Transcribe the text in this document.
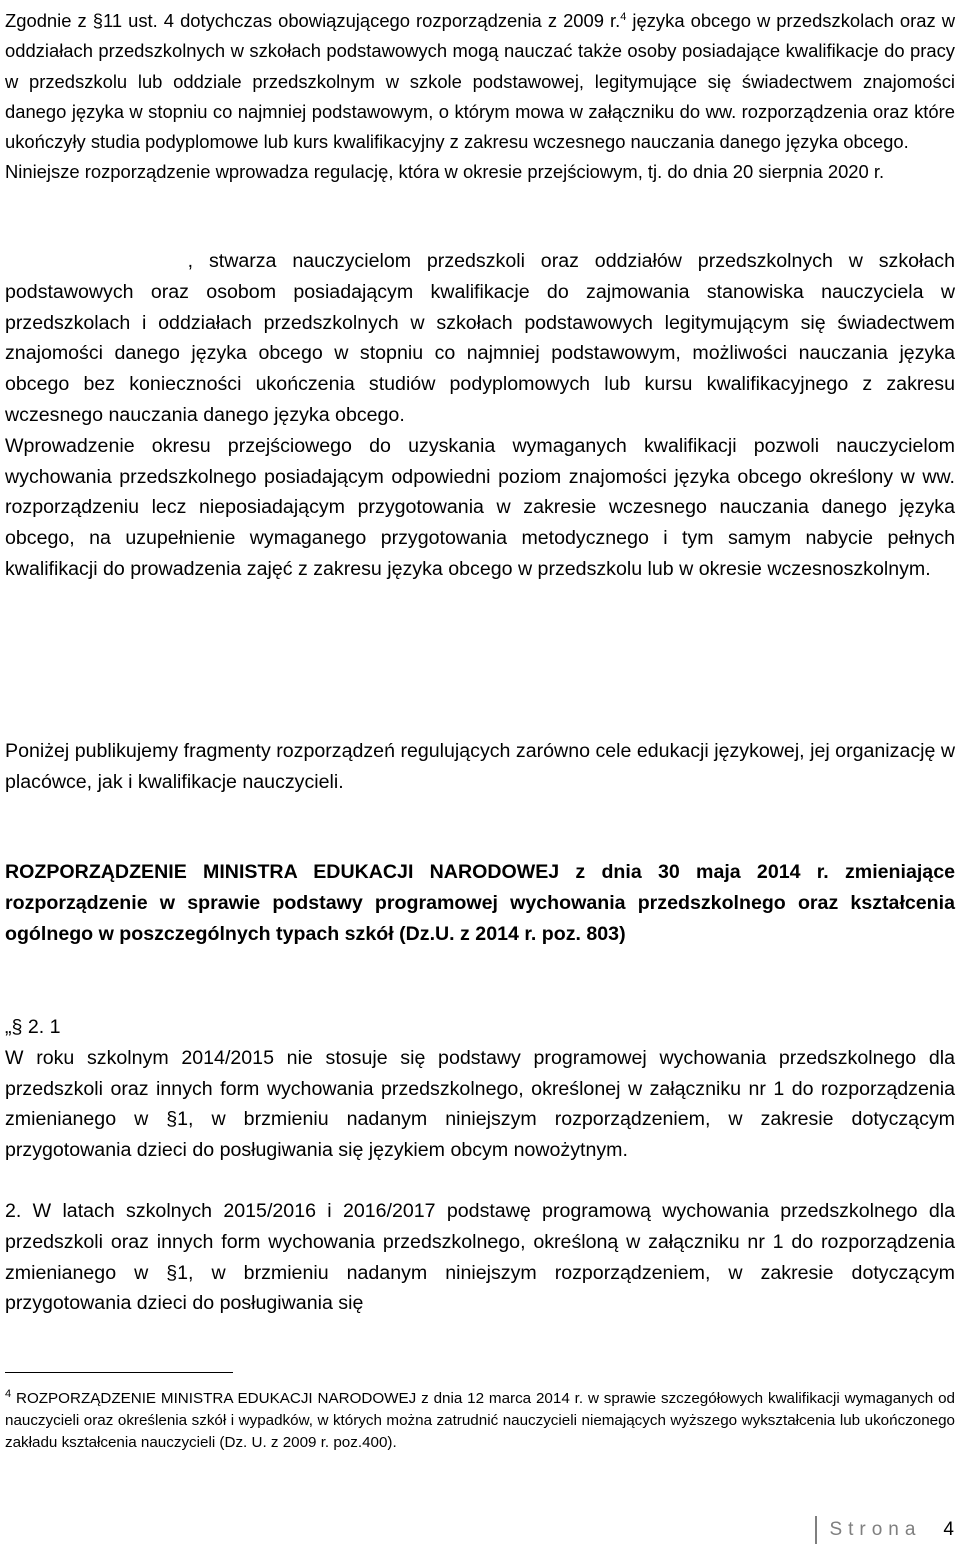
Zgodnie z §11 ust. 4 dotychczas obowiązującego rozporządzenia z 2009 r.$^4$ języka obcego w przedszkolach oraz w oddziałach przedszkolnych w szkołach podstawowych mogą nauczać także osoby posiadające kwalifikacje do pracy w przedszkolu lub oddziale przedszkolnym w szkole podstawowej, legitymujące się świadectwem znajomości danego języka w stopniu co najmniej podstawowym, o którym mowa w załączniku do ww. rozporządzenia oraz które ukończyły studia podyplomowe lub kurs kwalifikacyjny z zakresu wczesnego nauczania danego języka obcego.

Niniejsze rozporządzenie wprowadza regulację, która w okresie przejściowym, tj. do dnia 20 sierpnia 2020 r.

, stwarza nauczycielom przedszkoli oraz oddziałów przedszkolnych w szkołach podstawowych oraz osobom posiadającym kwalifikacje do zajmowania stanowiska nauczyciela w przedszkolach i oddziałach przedszkolnych w szkołach podstawowych legitymującym się świadectwem znajomości danego języka obcego w stopniu co najmniej podstawowym, możliwości nauczania języka obcego bez konieczności ukończenia studiów podyplomowych lub kursu kwalifikacyjnego z zakresu wczesnego nauczania danego języka obcego.

Wprowadzenie okresu przejściowego do uzyskania wymaganych kwalifikacji pozwoli nauczycielom wychowania przedszkolnego posiadającym odpowiedni poziom znajomości języka obcego określony w ww. rozporządzeniu lecz nieposiadającym przygotowania w zakresie wczesnego nauczania danego języka obcego, na uzupełnienie wymaganego przygotowania metodycznego i tym samym nabycie pełnych kwalifikacji do prowadzenia zajęć z zakresu języka obcego w przedszkolu lub w okresie wczesnoszkolnym.

Poniżej publikujemy fragmenty rozporządzeń regulujących zarówno cele edukacji językowej, jej organizację w placówce, jak i kwalifikacje nauczycieli.
ROZPORZĄDZENIE MINISTRA EDUKACJI NARODOWEJ z dnia 30 maja 2014 r. zmieniające rozporządzenie w sprawie podstawy programowej wychowania przedszkolnego oraz kształcenia ogólnego w poszczególnych typach szkół (Dz.U. z 2014 r. poz. 803)

„§ 2. 1

W roku szkolnym 2014/2015 nie stosuje się podstawy programowej wychowania przedszkolnego dla przedszkoli oraz innych form wychowania przedszkolnego, określonej w załączniku nr 1 do rozporządzenia zmienianego w §1, w brzmieniu nadanym niniejszym rozporządzeniem, w zakresie dotyczącym przygotowania dzieci do posługiwania się językiem obcym nowożytnym.

2. W latach szkolnych 2015/2016 i 2016/2017 podstawę programową wychowania przedszkolnego dla przedszkoli oraz innych form wychowania przedszkolnego, określoną w załączniku nr 1 do rozporządzenia zmienianego w §1, w brzmieniu nadanym niniejszym rozporządzeniem, w zakresie dotyczącym przygotowania dzieci do posługiwania się

$^4$ ROZPORZĄDZENIE MINISTRA EDUKACJI NARODOWEJ z dnia 12 marca 2014 r. w sprawie szczegółowych kwalifikacji wymaganych od nauczycieli oraz określenia szkół i wypadków, w których można zatrudnić nauczycieli niemających wyższego wykształcenia lub ukończonego zakładu kształcenia nauczycieli (Dz. U. z 2009 r. poz.400).
Strona 4
